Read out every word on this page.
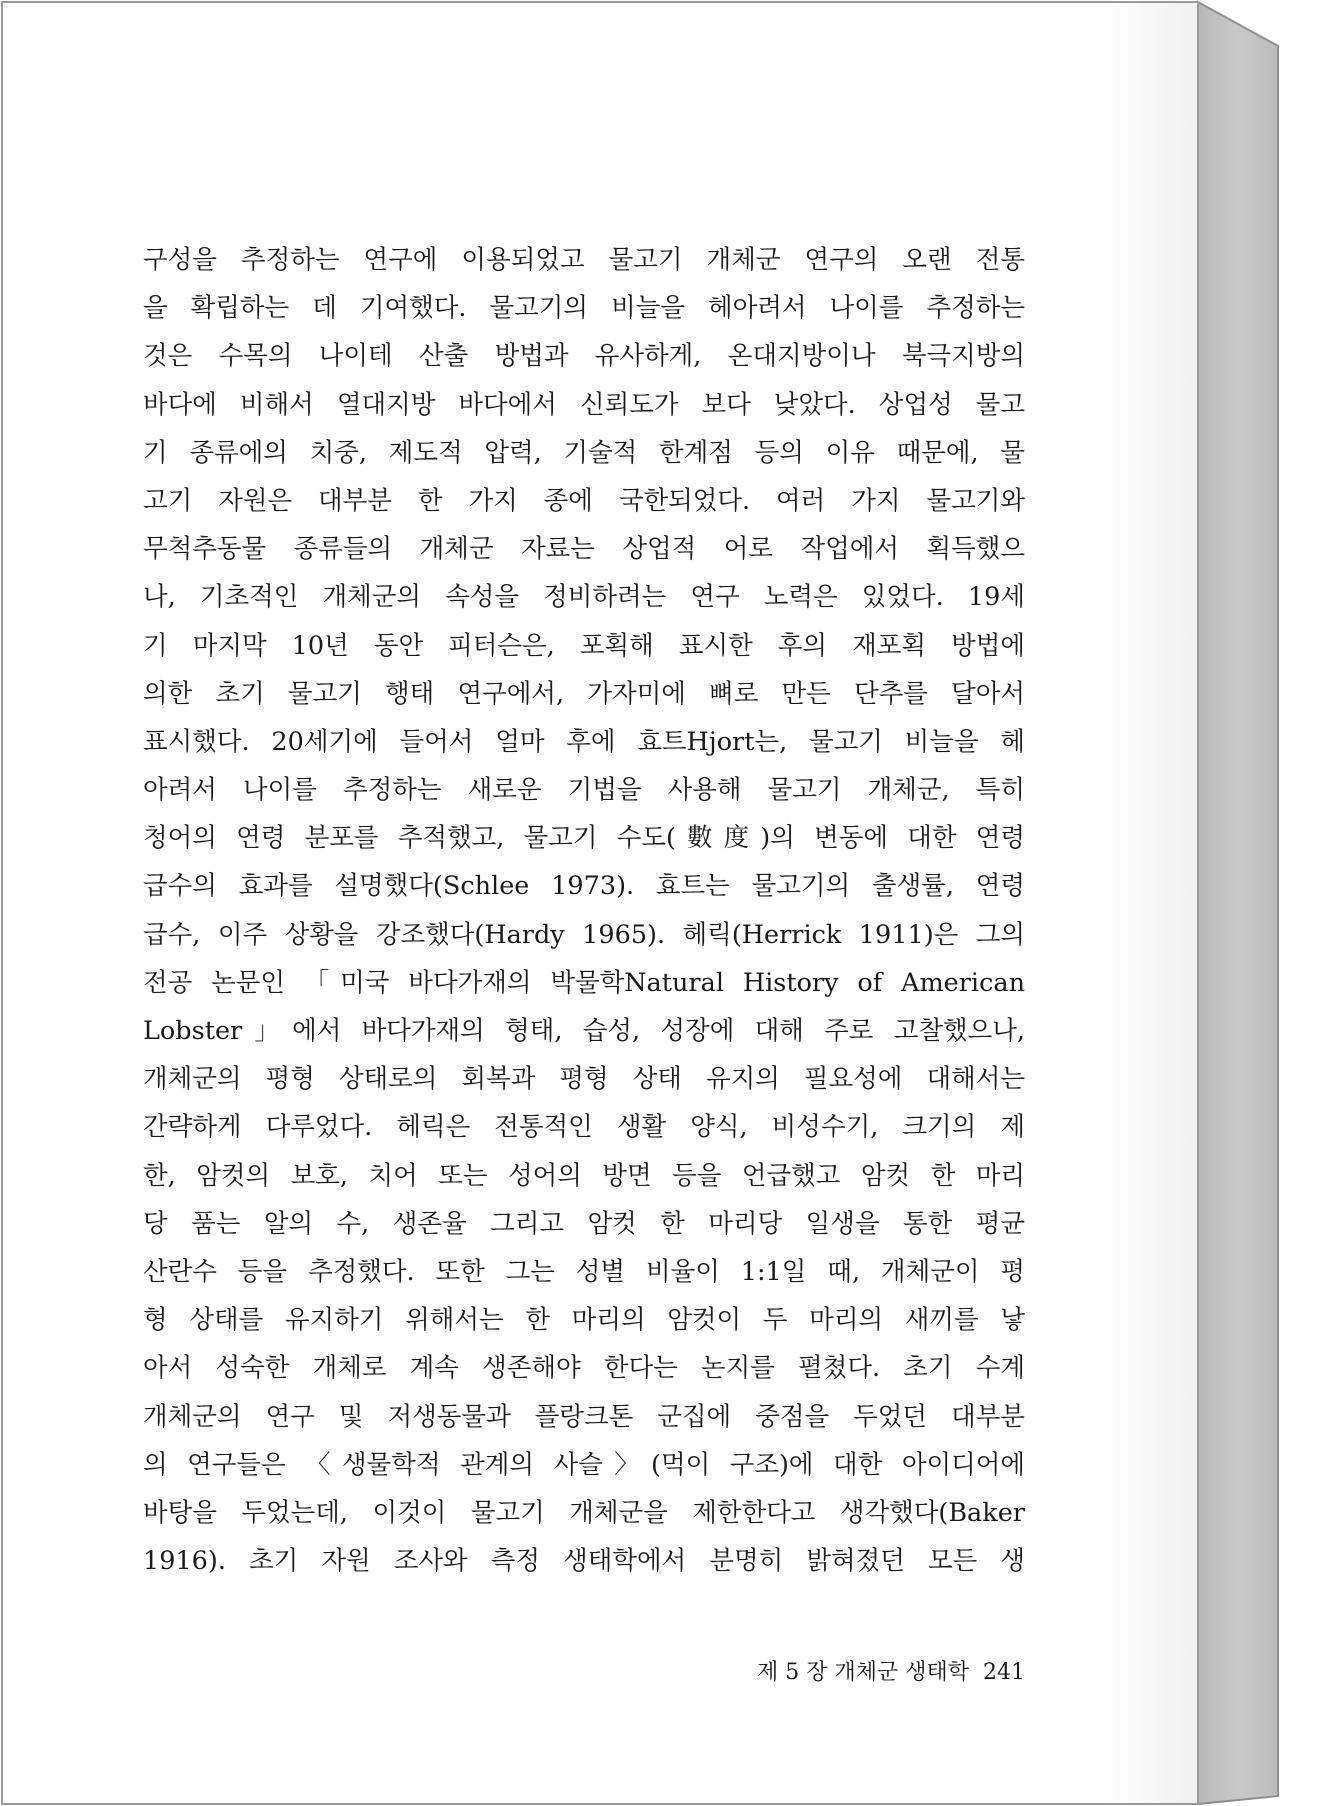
구성을 추정하는 연구에 이용되었고 물고기 개체군 연구의 오랜 전통
을 확립하는 데 기여했다. 물고기의 비늘을 헤아려서 나이를 추정하는
것은 수목의 나이테 산출 방법과 유사하게, 온대지방이나 북극지방의
바다에 비해서 열대지방 바다에서 신뢰도가 보다 낮았다. 상업성 물고
기 종류에의 치중, 제도적 압력, 기술적 한계점 등의 이유 때문에, 물
고기 자원은 대부분 한 가지 종에 국한되었다. 여러 가지 물고기와
무척추동물 종류들의 개체군 자료는 상업적 어로 작업에서 획득했으
나, 기초적인 개체군의 속성을 정비하려는 연구 노력은 있었다. 19세
기 마지막 10년 동안 피터슨은, 포획해 표시한 후의 재포획 방법에
의한 초기 물고기 행태 연구에서, 가자미에 뼈로 만든 단추를 달아서
표시했다. 20세기에 들어서 얼마 후에 효트Hjort는, 물고기 비늘을 헤
아려서 나이를 추정하는 새로운 기법을 사용해 물고기 개체군, 특히
청어의 연령 분포를 추적했고, 물고기 수도(數度)의 변동에 대한 연령
급수의 효과를 설명했다(Schlee 1973). 효트는 물고기의 출생률, 연령
급수, 이주 상황을 강조했다(Hardy 1965). 헤릭(Herrick 1911)은 그의
전공 논문인 「미국 바다가재의 박물학Natural History of American
Lobster」에서 바다가재의 형태, 습성, 성장에 대해 주로 고찰했으나,
개체군의 평형 상태로의 회복과 평형 상태 유지의 필요성에 대해서는
간략하게 다루었다. 헤릭은 전통적인 생활 양식, 비성수기, 크기의 제
한, 암컷의 보호, 치어 또는 성어의 방면 등을 언급했고 암컷 한 마리
당 품는 알의 수, 생존율 그리고 암컷 한 마리당 일생을 통한 평균
산란수 등을 추정했다. 또한 그는 성별 비율이 1:1일 때, 개체군이 평
형 상태를 유지하기 위해서는 한 마리의 암컷이 두 마리의 새끼를 낳
아서 성숙한 개체로 계속 생존해야 한다는 논지를 펼쳤다. 초기 수계
개체군의 연구 및 저생동물과 플랑크톤 군집에 중점을 두었던 대부분
의 연구들은 〈생물학적 관계의 사슬〉(먹이 구조)에 대한 아이디어에
바탕을 두었는데, 이것이 물고기 개체군을 제한한다고 생각했다(Baker
1916). 초기 자원 조사와 측정 생태학에서 분명히 밝혀졌던 모든 생
제 5 장 개체군 생태학 241
